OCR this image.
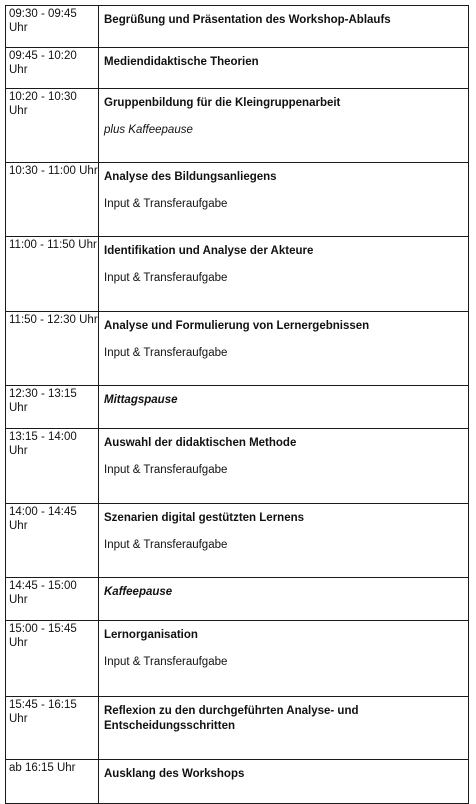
09:30 - 09:45 Uhr	Begrüßung und Präsentation des Workshop-Ablaufs

09:45 - 10:20 Uhr	Mediendidaktische Theorien

10:20 - 10:30 Uhr	Gruppenbildung für die Kleingruppenarbeit
plus Kaffeepause

10:30 - 11:00 Uhr	Analyse des Bildungsanliegens
Input & Transferaufgabe

11:00 - 11:50 Uhr	Identifikation und Analyse der Akteure
Input & Transferaufgabe

11:50 - 12:30 Uhr	Analyse und Formulierung von Lernergebnissen
Input & Transferaufgabe

12:30 - 13:15 Uhr	Mittagspause

13:15 - 14:00 Uhr	Auswahl der didaktischen Methode
Input & Transferaufgabe

14:00 - 14:45 Uhr	Szenarien digital gestützten Lernens
Input & Transferaufgabe

14:45 - 15:00 Uhr	Kaffeepause

15:00 - 15:45 Uhr	Lernorganisation
Input & Transferaufgabe

15:45 - 16:15 Uhr	Reflexion zu den durchgeführten Analyse- und Entscheidungsschritten

ab 16:15 Uhr	Ausklang des Workshops
